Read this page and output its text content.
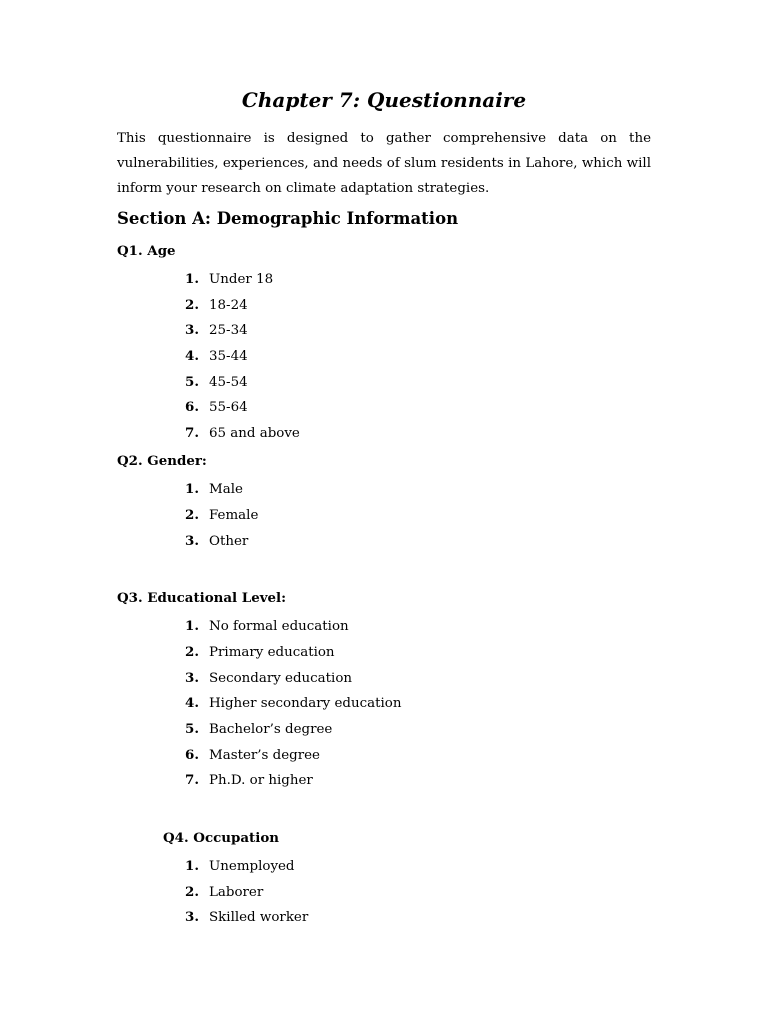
Chapter 7: Questionnaire
This questionnaire is designed to gather comprehensive data on the vulnerabilities, experiences, and needs of slum residents in Lahore, which will inform your research on climate adaptation strategies.
Section A: Demographic Information
Q1. Age
1. Under 18
2. 18-24
3. 25-34
4. 35-44
5. 45-54
6. 55-64
7. 65 and above
Q2. Gender:
1. Male
2. Female
3. Other
Q3. Educational Level:
1. No formal education
2. Primary education
3. Secondary education
4. Higher secondary education
5. Bachelor’s degree
6. Master’s degree
7. Ph.D. or higher
Q4. Occupation
1. Unemployed
2. Laborer
3. Skilled worker
